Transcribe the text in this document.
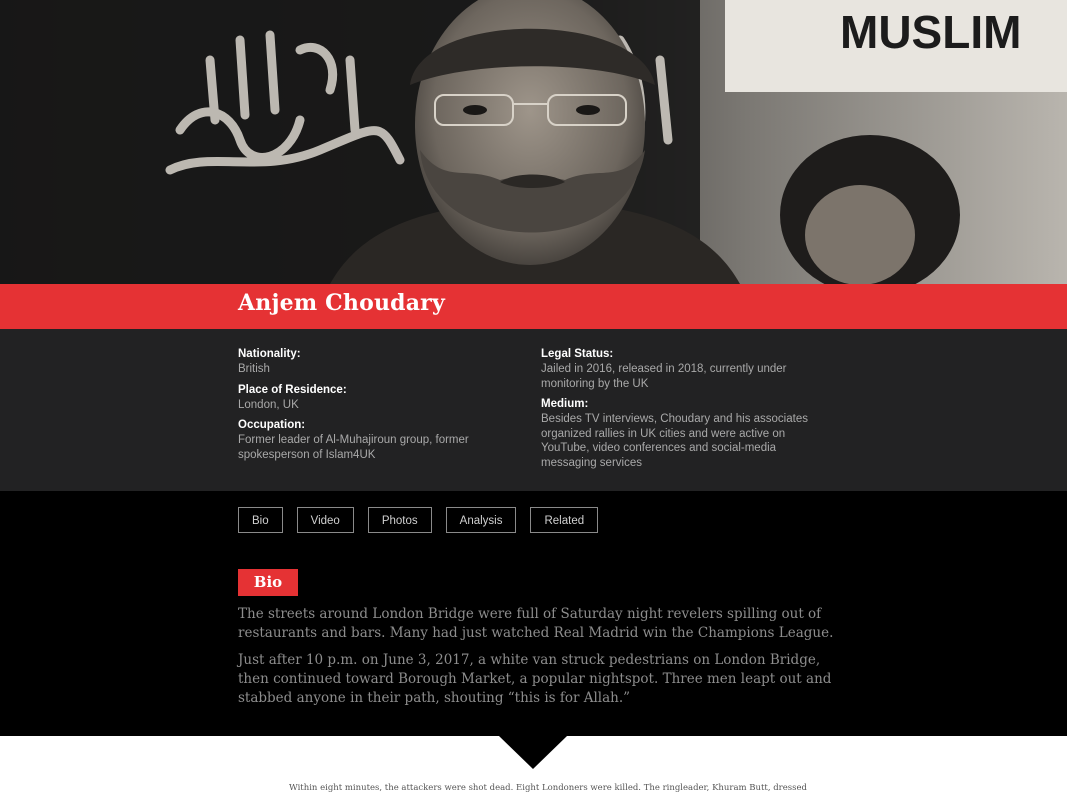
MUSLIM
Anjem Choudary
Nationality:
British
Place of Residence:
London, UK
Occupation:
Former leader of Al-Muhajiroun group, former spokesperson of Islam4UK
Legal Status:
Jailed in 2016, released in 2018, currently under monitoring by the UK
Medium:
Besides TV interviews, Choudary and his associates organized rallies in UK cities and were active on YouTube, video conferences and social-media messaging services
Bio	Video	Photos	Analysis	Related
Bio

The streets around London Bridge were full of Saturday night revelers spilling out of restaurants and bars. Many had just watched Real Madrid win the Champions League.

Just after 10 p.m. on June 3, 2017, a white van struck pedestrians on London Bridge, then continued toward Borough Market, a popular nightspot. Three men leapt out and stabbed anyone in their path, shouting “this is for Allah.”

Within eight minutes, the attackers were shot dead. Eight Londoners were killed. The ringleader, Khuram Butt, dressed
